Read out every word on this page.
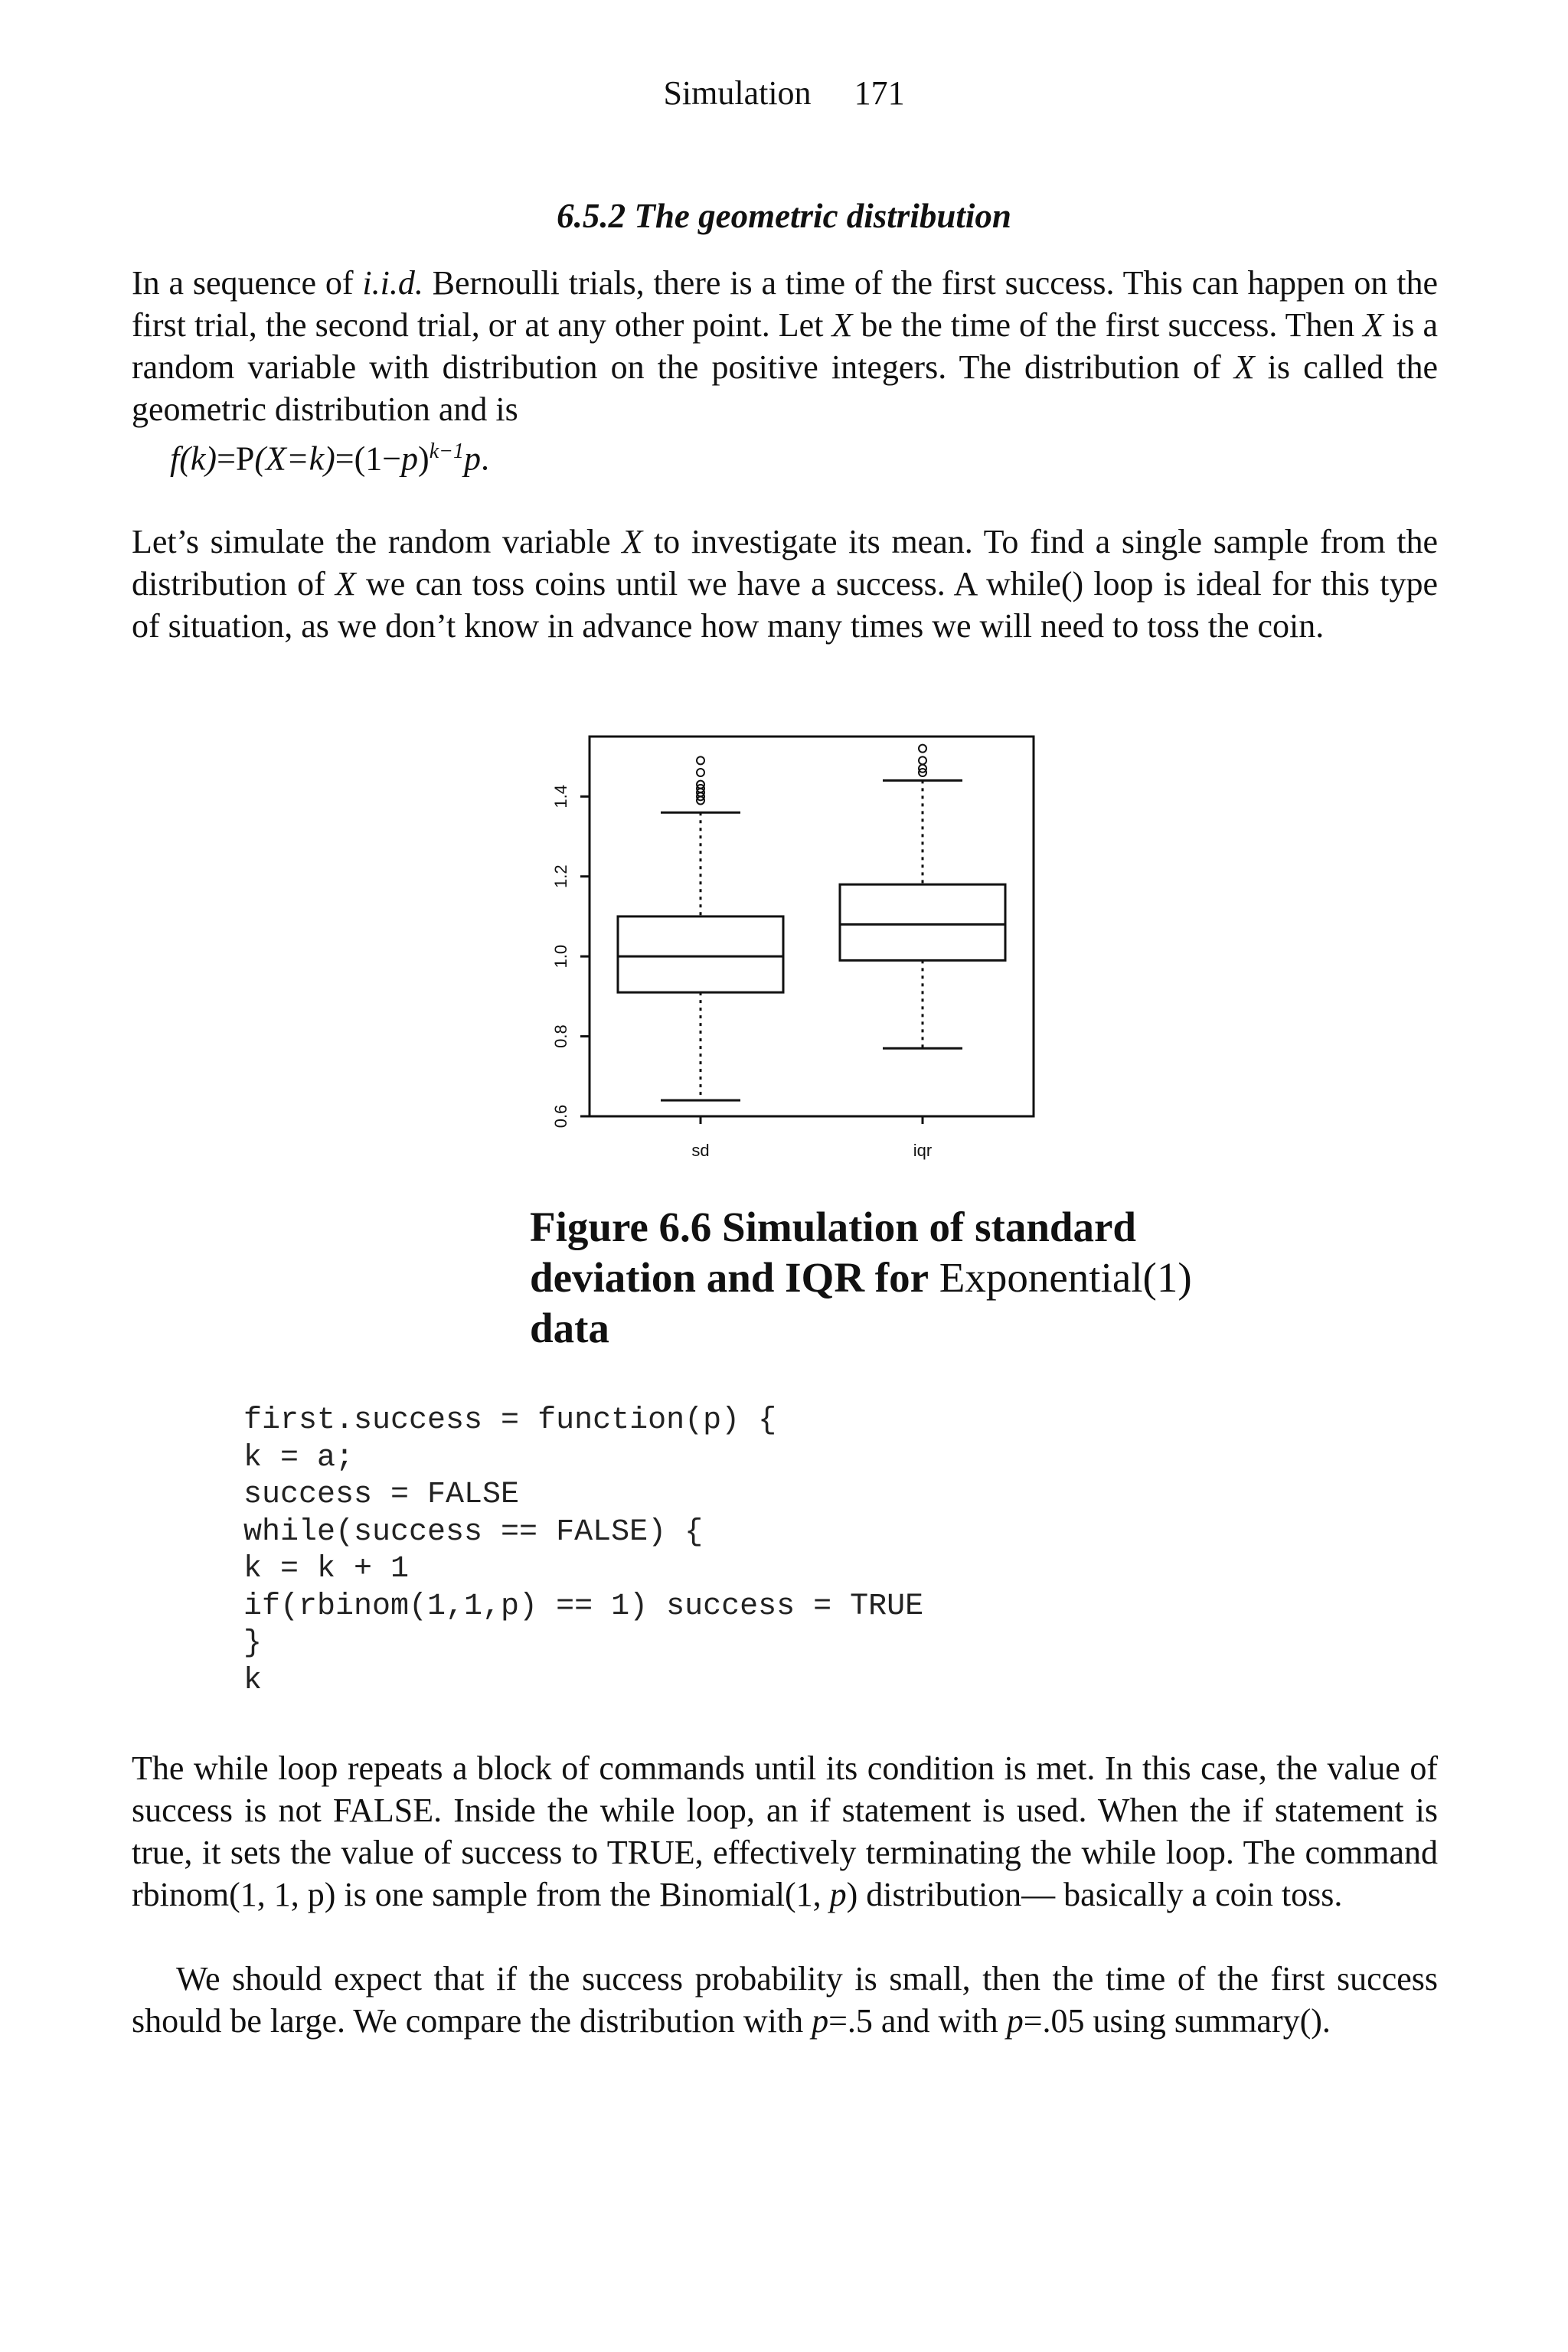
Simulation 171
6.5.2 The geometric distribution

In a sequence of i.i.d. Bernoulli trials, there is a time of the first success. This can happen on the first trial, the second trial, or at any other point. Let X be the time of the first success. Then X is a random variable with distribution on the positive integers. The distribution of X is called the geometric distribution and is

$f(k)=P(X=k)=(1-p)^{k-1}p$.

Let’s simulate the random variable X to investigate its mean. To find a single sample from the distribution of X we can toss coins until we have a success. A while() loop is ideal for this type of situation, as we don’t know in advance how many times we will need to toss the coin.

0.6
0.8
1.0
1.2
1.4
sd	iqr
Figure 6.6 Simulation of standard deviation and IQR for Exponential(1)
data
first.success = function(p) {
k = a;
success = FALSE
while(success == FALSE) {
k = k + 1
if(rbinom(1,1,p) == 1) success = TRUE
}
k

The while loop repeats a block of commands until its condition is met. In this case, the value of success is not FALSE. Inside the while loop, an if statement is used. When the if statement is true, it sets the value of success to TRUE, effectively terminating the while loop. The command rbinom(1, 1, p) is one sample from the Binomial(1, p) distribution— basically a coin toss.

We should expect that if the success probability is small, then the time of the first success should be large. We compare the distribution with p=.5 and with p=.05 using summary().
